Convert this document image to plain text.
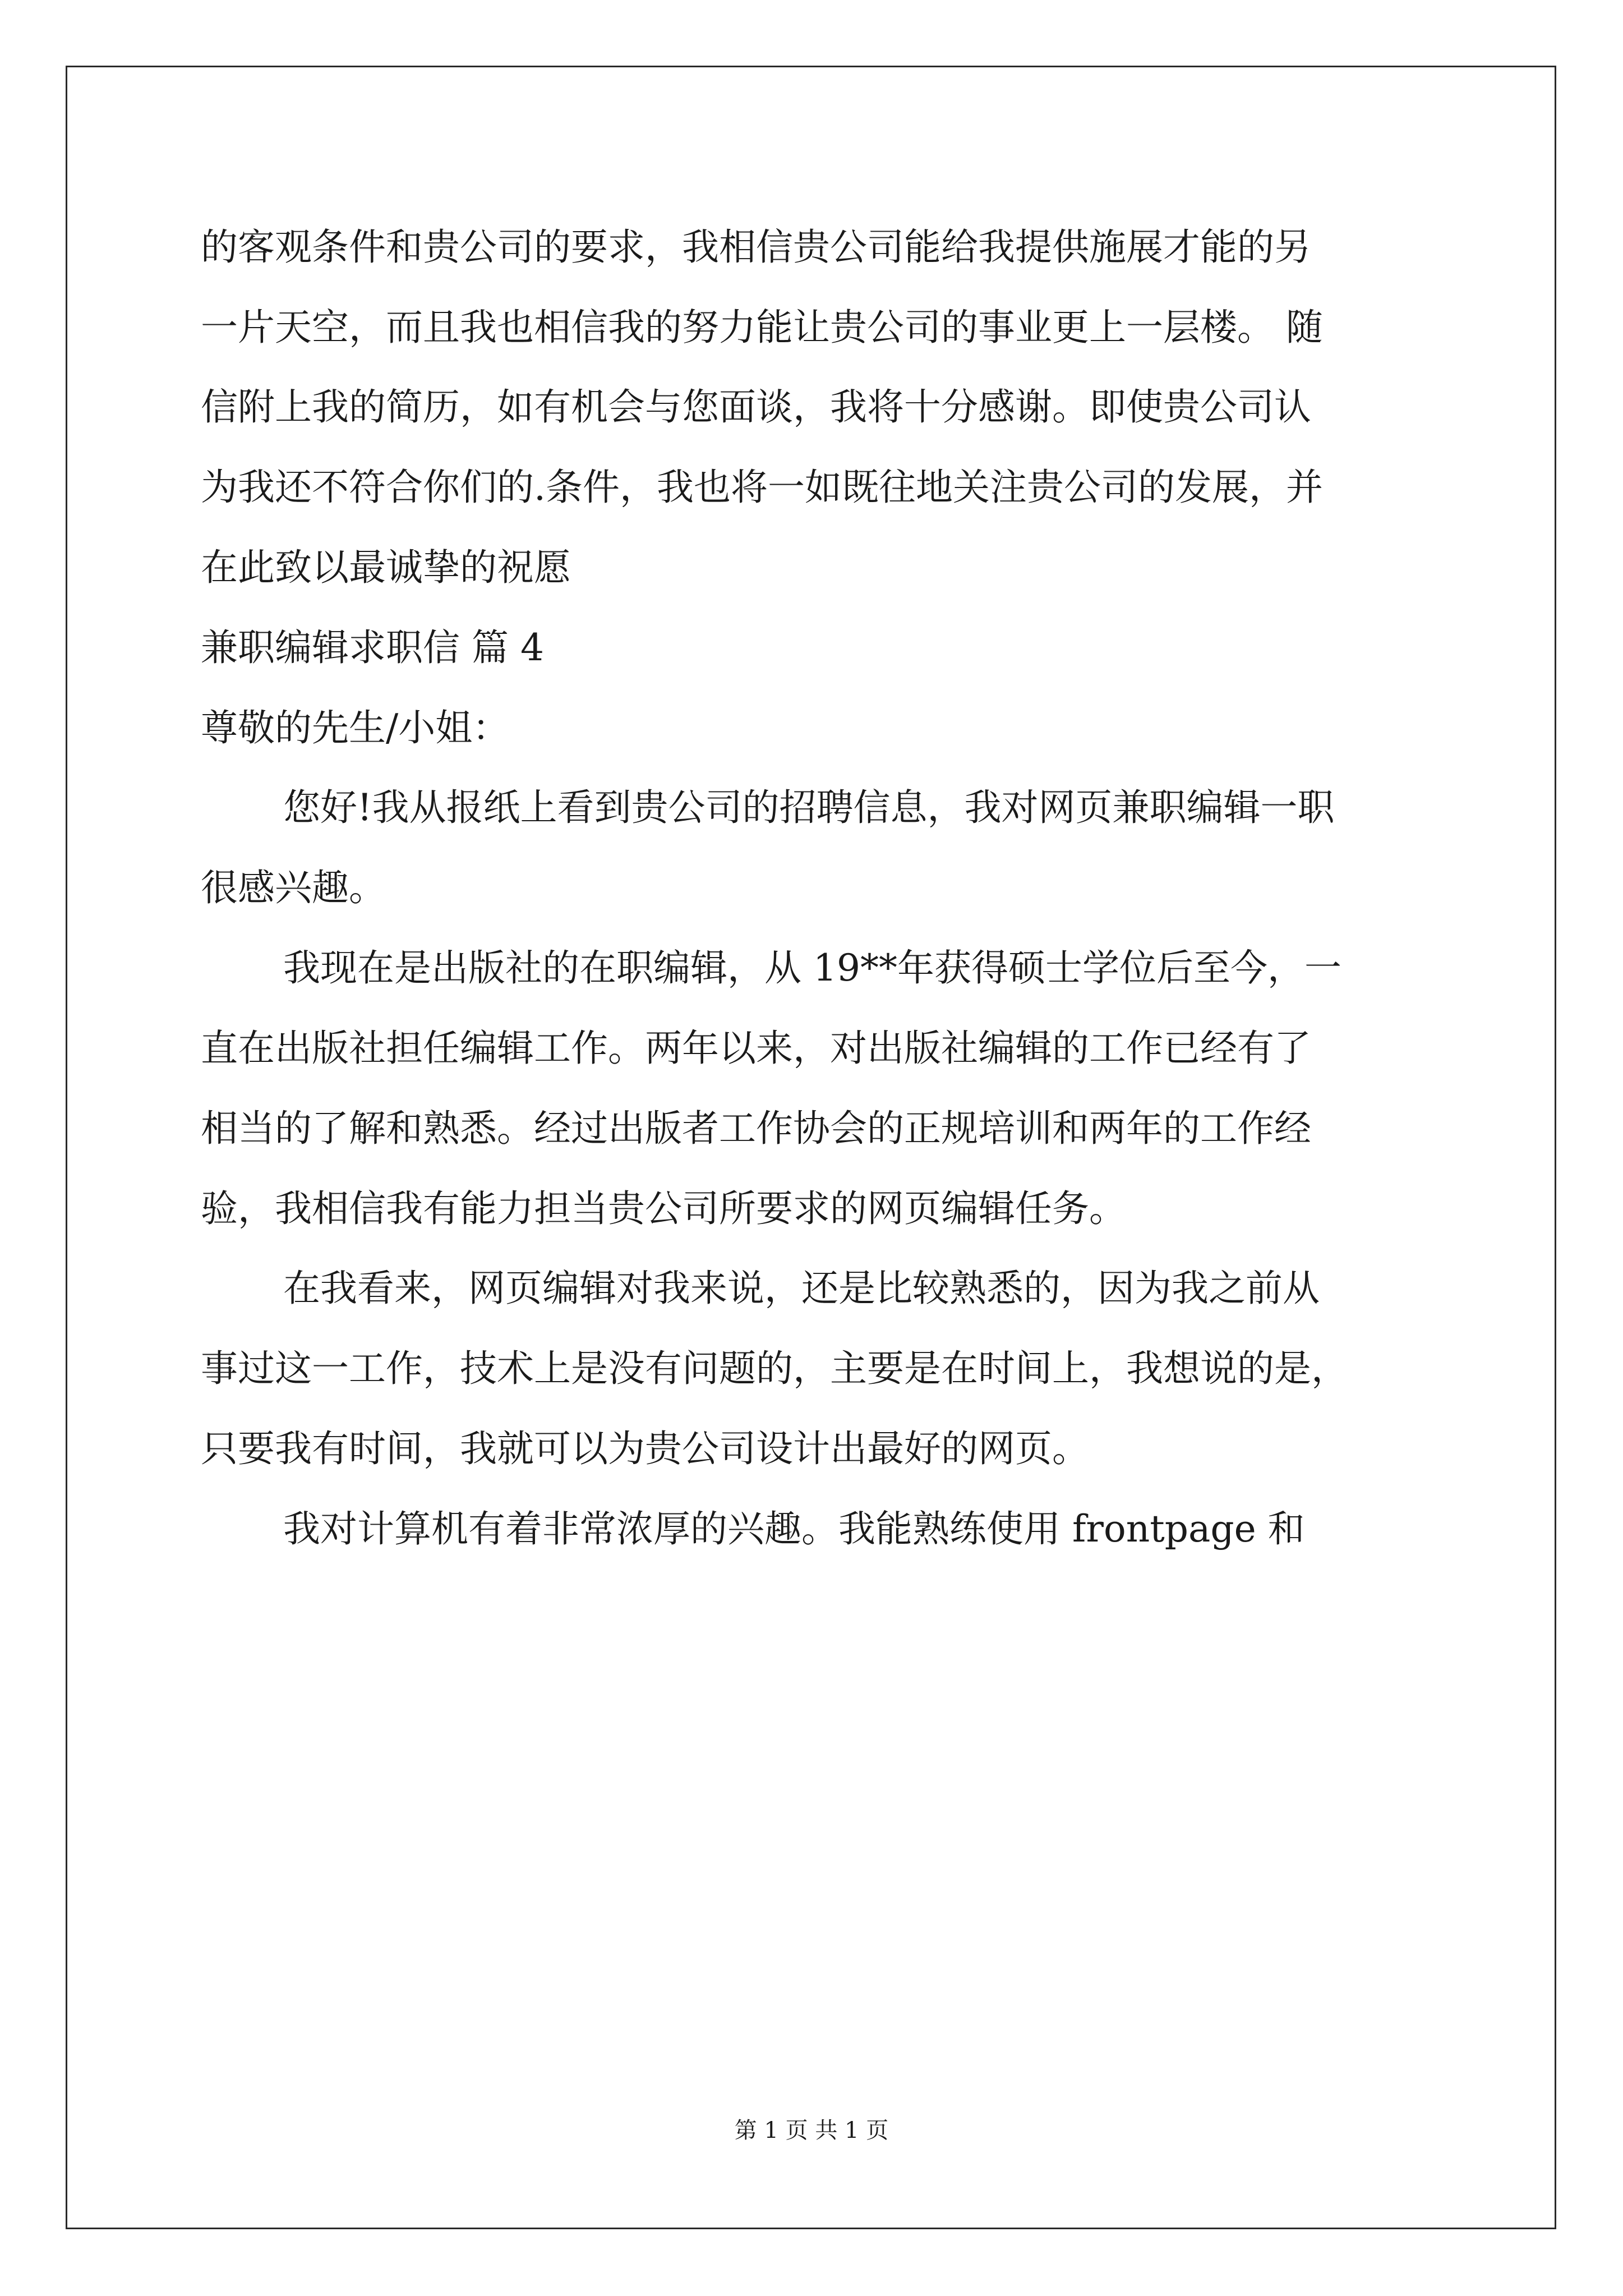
的客观条件和贵公司的要求，我相信贵公司能给我提供施展才能的另
一片天空，而且我也相信我的努力能让贵公司的事业更上一层楼。 随
信附上我的简历，如有机会与您面谈，我将十分感谢。即使贵公司认
为我还不符合你们的.条件，我也将一如既往地关注贵公司的发展，并
在此致以最诚挚的祝愿
兼职编辑求职信 篇 4
尊敬的先生/小姐：
您好!我从报纸上看到贵公司的招聘信息，我对网页兼职编辑一职
很感兴趣。
我现在是出版社的在职编辑，从 19**年获得硕士学位后至今，一
直在出版社担任编辑工作。两年以来，对出版社编辑的工作已经有了
相当的了解和熟悉。经过出版者工作协会的正规培训和两年的工作经
验，我相信我有能力担当贵公司所要求的网页编辑任务。
在我看来，网页编辑对我来说，还是比较熟悉的，因为我之前从
事过这一工作，技术上是没有问题的，主要是在时间上，我想说的是，
只要我有时间，我就可以为贵公司设计出最好的网页。
我对计算机有着非常浓厚的兴趣。我能熟练使用 frontpage 和
第 1 页 共 1 页
